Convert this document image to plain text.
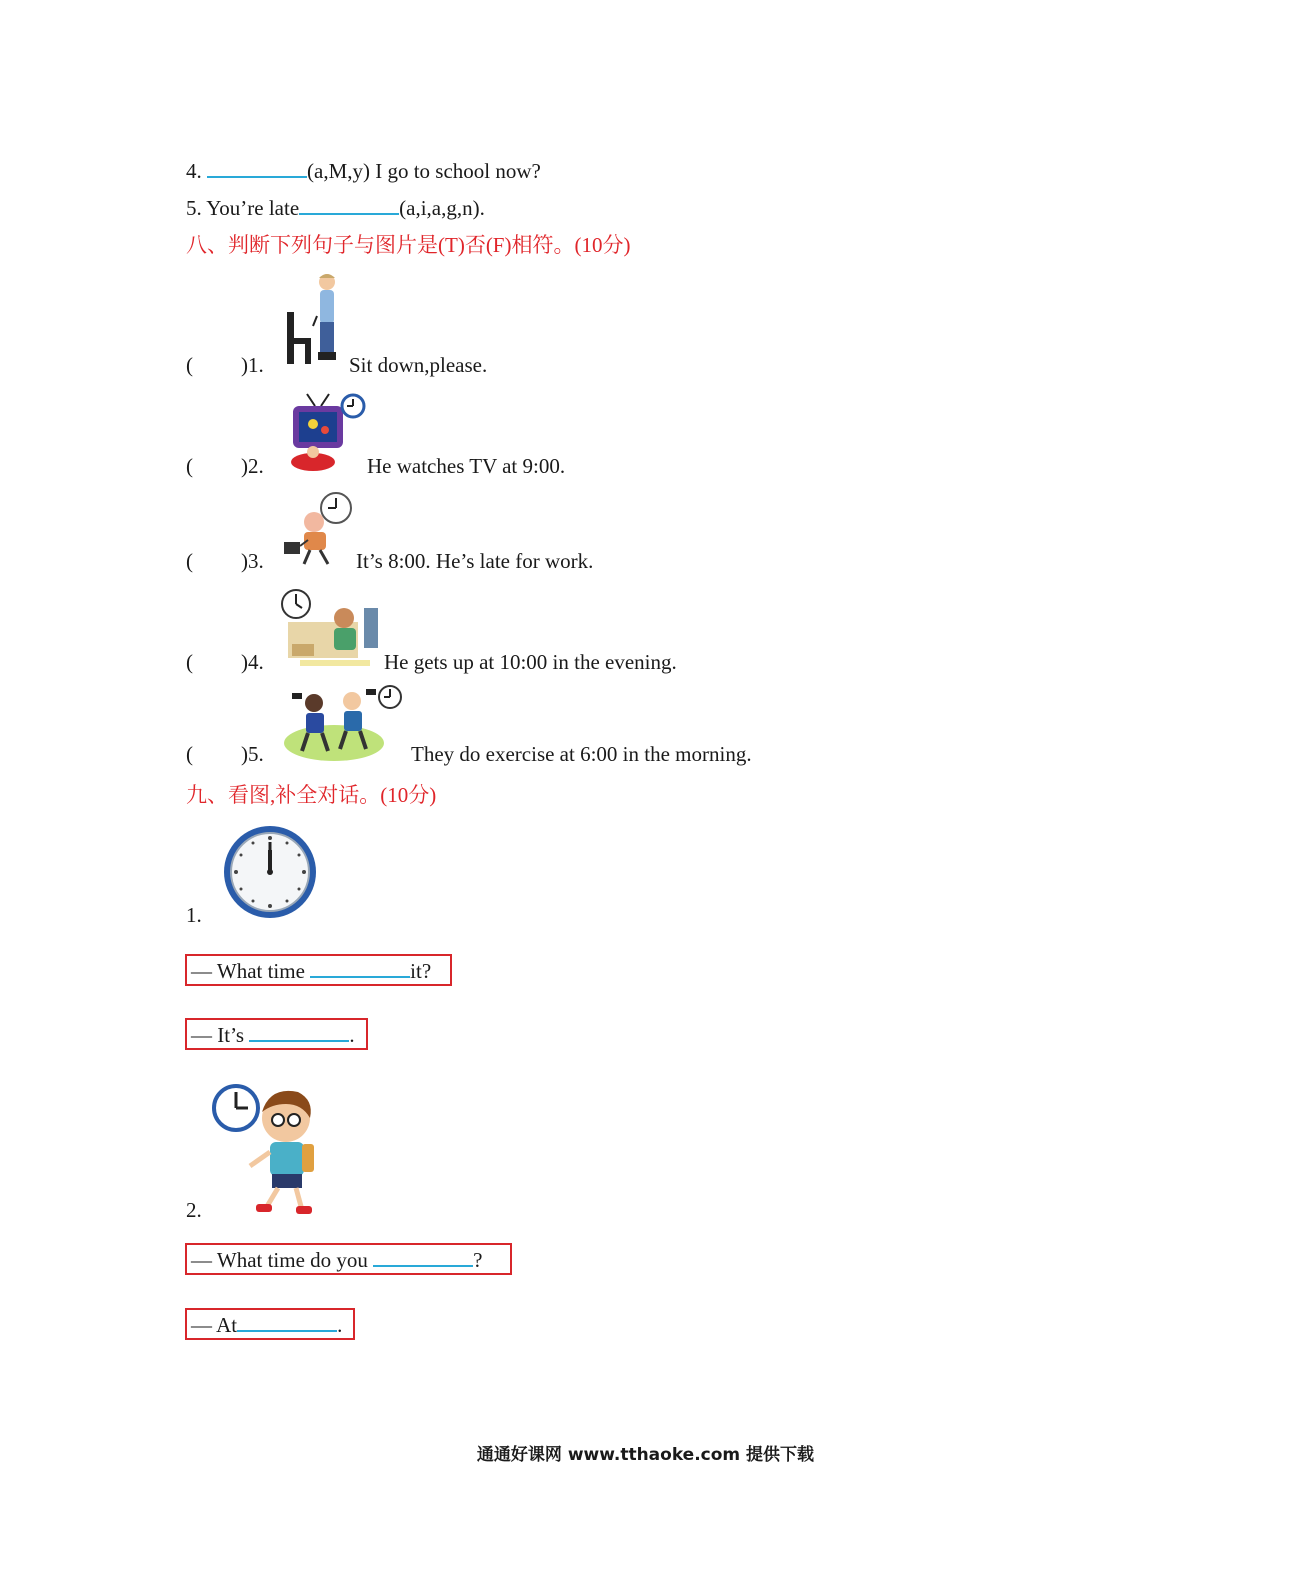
4.	(a,M,y) I go to school now?
5. You’re late	(a,i,a,g,n).
八、判断下列句子与图片是(T)否(F)相符。(10分)
( )1.	Sit down,please.
( )2.	He watches TV at 9:00.
( )3.	It’s 8:00. He’s late for work.
( )4.	He gets up at 10:00 in the evening.
( )5.	They do exercise at 6:00 in the morning.
九、看图,补全对话。(10分)
1.
— What time	it?
— It’s	.
2.
— What time do you	?
— At	.
通通好课网 www.tthaoke.com 提供下载
